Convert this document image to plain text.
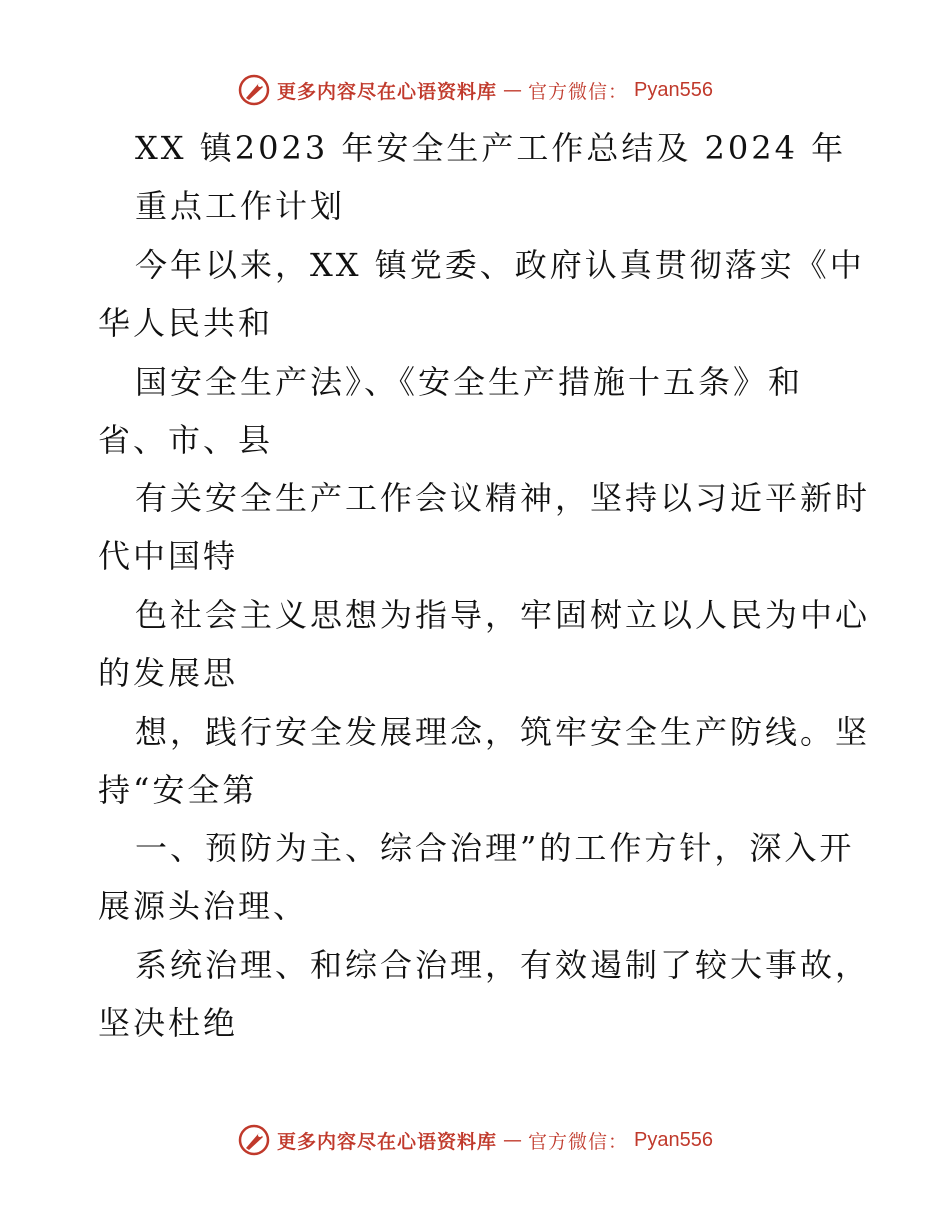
更多内容尽在心语资料库 — 官方微信： Pyan556
XX 镇2023 年安全生产工作总结及 2024 年
重点工作计划
今年以来，XX 镇党委、政府认真贯彻落实《中
华人民共和
国安全生产法》、《安全生产措施十五条》和
省、市、县
有关安全生产工作会议精神，坚持以习近平新时
代中国特
色社会主义思想为指导，牢固树立以人民为中心
的发展思
想，践行安全发展理念，筑牢安全生产防线。坚
持“安全第
一、预防为主、综合治理”的工作方针，深入开
展源头治理、
系统治理、和综合治理，有效遏制了较大事故，
坚决杜绝
更多内容尽在心语资料库 — 官方微信： Pyan556
